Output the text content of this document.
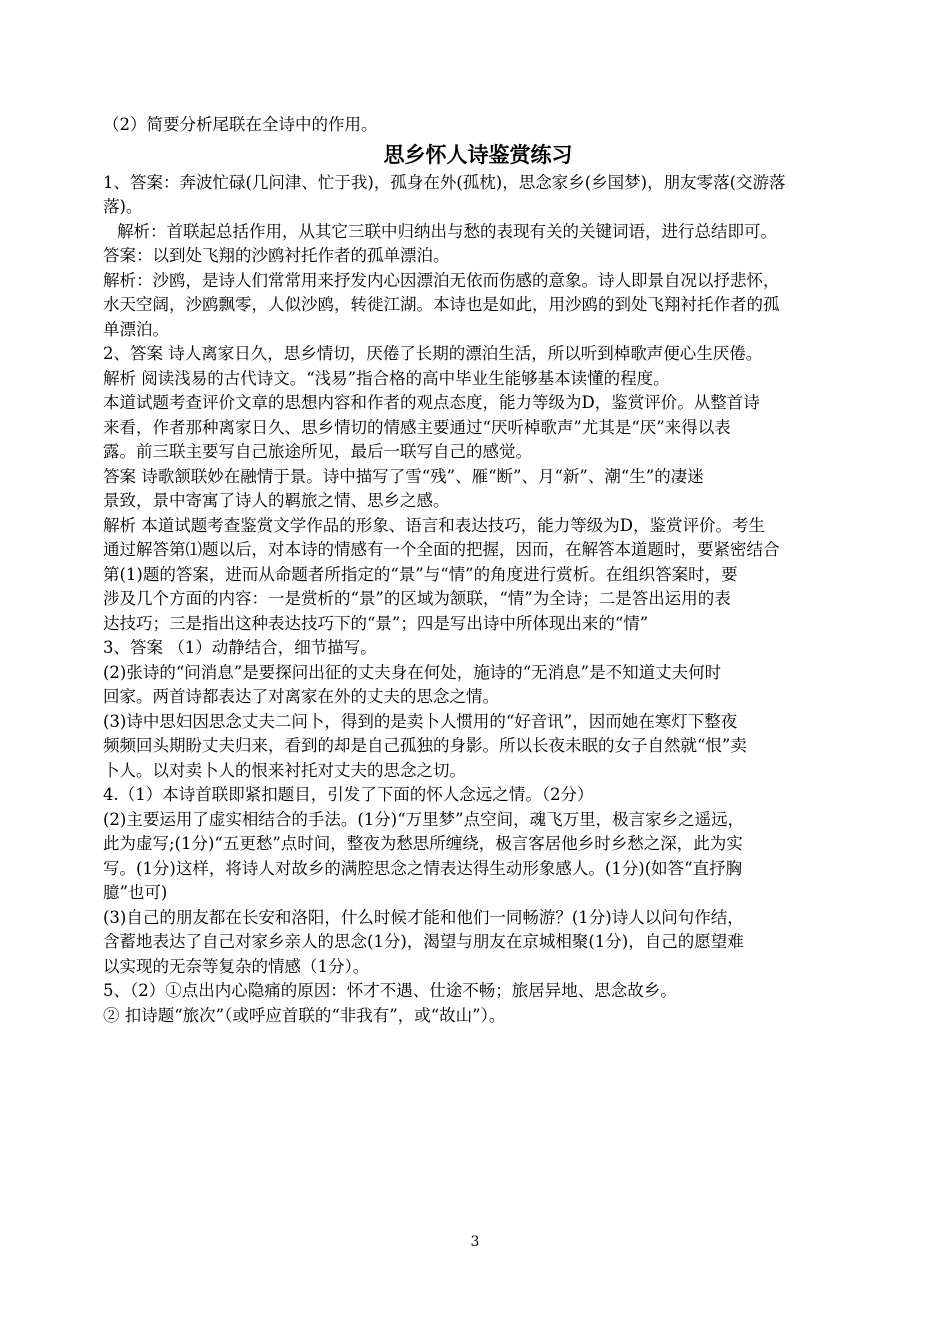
（2）简要分析尾联在全诗中的作用。
思乡怀人诗鉴赏练习
1、答案：奔波忙碌(几问津、忙于我)，孤身在外(孤枕)，思念家乡(乡国梦)，朋友零落(交游落
落)。
解析：首联起总括作用，从其它三联中归纳出与愁的表现有关的关键词语，进行总结即可。
答案：以到处飞翔的沙鸥衬托作者的孤单漂泊。
解析：沙鸥，是诗人们常常用来抒发内心因漂泊无依而伤感的意象。诗人即景自况以抒悲怀，
水天空阔，沙鸥飘零，人似沙鸥，转徙江湖。本诗也是如此，用沙鸥的到处飞翔衬托作者的孤
单漂泊。
2、答案 诗人离家日久，思乡情切，厌倦了长期的漂泊生活，所以听到棹歌声便心生厌倦。
解析 阅读浅易的古代诗文。“浅易”指合格的高中毕业生能够基本读懂的程度。
本道试题考查评价文章的思想内容和作者的观点态度，能力等级为D，鉴赏评价。从整首诗
来看，作者那种离家日久、思乡情切的情感主要通过“厌听棹歌声”尤其是“厌”来得以表
露。前三联主要写自己旅途所见，最后一联写自己的感觉。
答案 诗歌颔联妙在融情于景。诗中描写了雪“残”、雁“断”、月“新”、潮“生”的凄迷
景致，景中寄寓了诗人的羁旅之情、思乡之感。
解析 本道试题考查鉴赏文学作品的形象、语言和表达技巧，能力等级为D，鉴赏评价。考生
通过解答第⑴题以后，对本诗的情感有一个全面的把握，因而，在解答本道题时，要紧密结合
第(1)题的答案，进而从命题者所指定的“景”与“情”的角度进行赏析。在组织答案时，要
涉及几个方面的内容：一是赏析的“景”的区域为颔联，“情”为全诗；二是答出运用的表
达技巧；三是指出这种表达技巧下的“景”；四是写出诗中所体现出来的“情”
3、答案 （1）动静结合，细节描写。
(2)张诗的“问消息”是要探问出征的丈夫身在何处，施诗的“无消息”是不知道丈夫何时
回家。两首诗都表达了对离家在外的丈夫的思念之情。
(3)诗中思妇因思念丈夫二问卜，得到的是卖卜人惯用的“好音讯”，因而她在寒灯下整夜
频频回头期盼丈夫归来，看到的却是自己孤独的身影。所以长夜未眠的女子自然就“恨”卖
卜人。以对卖卜人的恨来衬托对丈夫的思念之切。
4.（1）本诗首联即紧扣题目，引发了下面的怀人念远之情。（2分）
(2)主要运用了虚实相结合的手法。(1分)“万里梦”点空间，魂飞万里，极言家乡之遥远，
此为虚写;(1分)“五更愁”点时间，整夜为愁思所缠绕，极言客居他乡时乡愁之深，此为实
写。(1分)这样，将诗人对故乡的满腔思念之情表达得生动形象感人。(1分)(如答“直抒胸
臆”也可)
(3)自己的朋友都在长安和洛阳，什么时候才能和他们一同畅游？(1分)诗人以问句作结，
含蓄地表达了自己对家乡亲人的思念(1分)，渴望与朋友在京城相聚(1分)，自己的愿望难
以实现的无奈等复杂的情感（1分）。
5、（2）①点出内心隐痛的原因：怀才不遇、仕途不畅；旅居异地、思念故乡。
② 扣诗题“旅次”（或呼应首联的“非我有”，或“故山”）。
3
